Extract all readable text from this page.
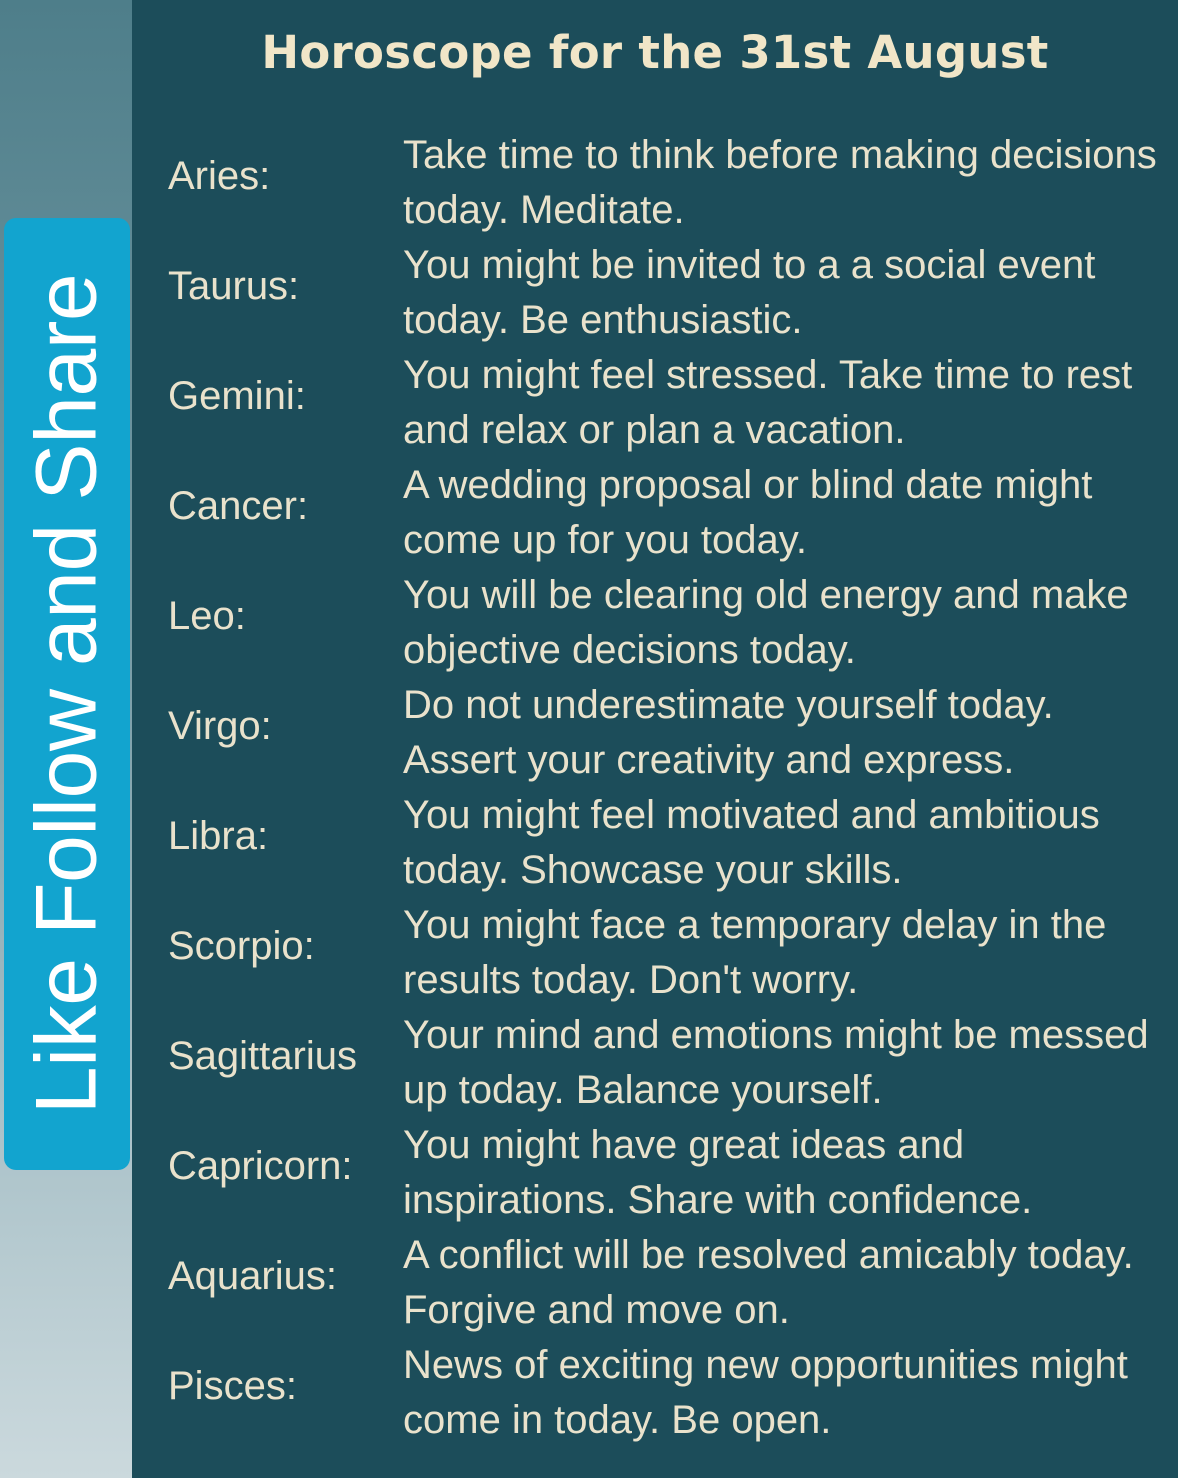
Like Follow and Share
Horoscope for the 31st August
Aries:	Take time to think before making decisions today. Meditate.
Taurus:	You might be invited to a a social event today. Be enthusiastic.
Gemini: You might feel stressed. Take time to rest and relax or plan a vacation.
Cancer: A wedding proposal or blind date might come up for you today.
Leo:	You will be clearing old energy and make objective decisions today.
Virgo:	Do not underestimate yourself today. Assert your creativity and express.
Libra:	You might feel motivated and ambitious today. Showcase your skills.
Scorpio: You might face a temporary delay in the results today. Don't worry.
Sagittarius Your mind and emotions might be messed up today. Balance yourself.
Capricorn: You might have great ideas and inspirations. Share with confidence.
Aquarius: A conflict will be resolved amicably today. Forgive and move on.
Pisces:	News of exciting new opportunities might come in today. Be open.
